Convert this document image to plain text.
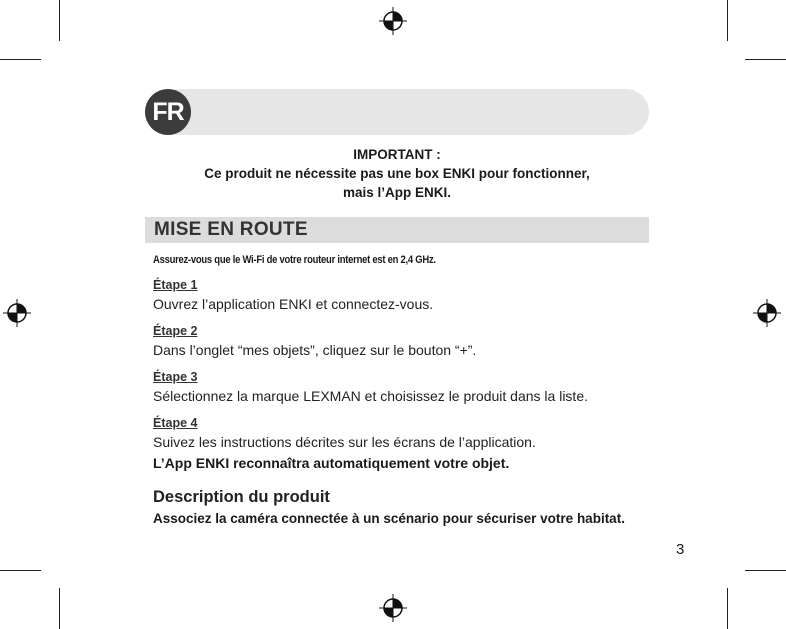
FR
IMPORTANT :
Ce produit ne nécessite pas une box ENKI pour fonctionner,
mais l’App ENKI.
MISE EN ROUTE
Assurez-vous que le Wi-Fi de votre routeur internet est en 2,4 GHz.
Étape 1
Ouvrez l’application ENKI et connectez-vous.
Étape 2
Dans l’onglet “mes objets”, cliquez sur le bouton “+”.
Étape 3
Sélectionnez la marque LEXMAN et choisissez le produit dans la liste.
Étape 4
Suivez les instructions décrites sur les écrans de l’application.
L’App ENKI reconnaîtra automatiquement votre objet.
Description du produit
Associez la caméra connectée à un scénario pour sécuriser votre habitat.
3
